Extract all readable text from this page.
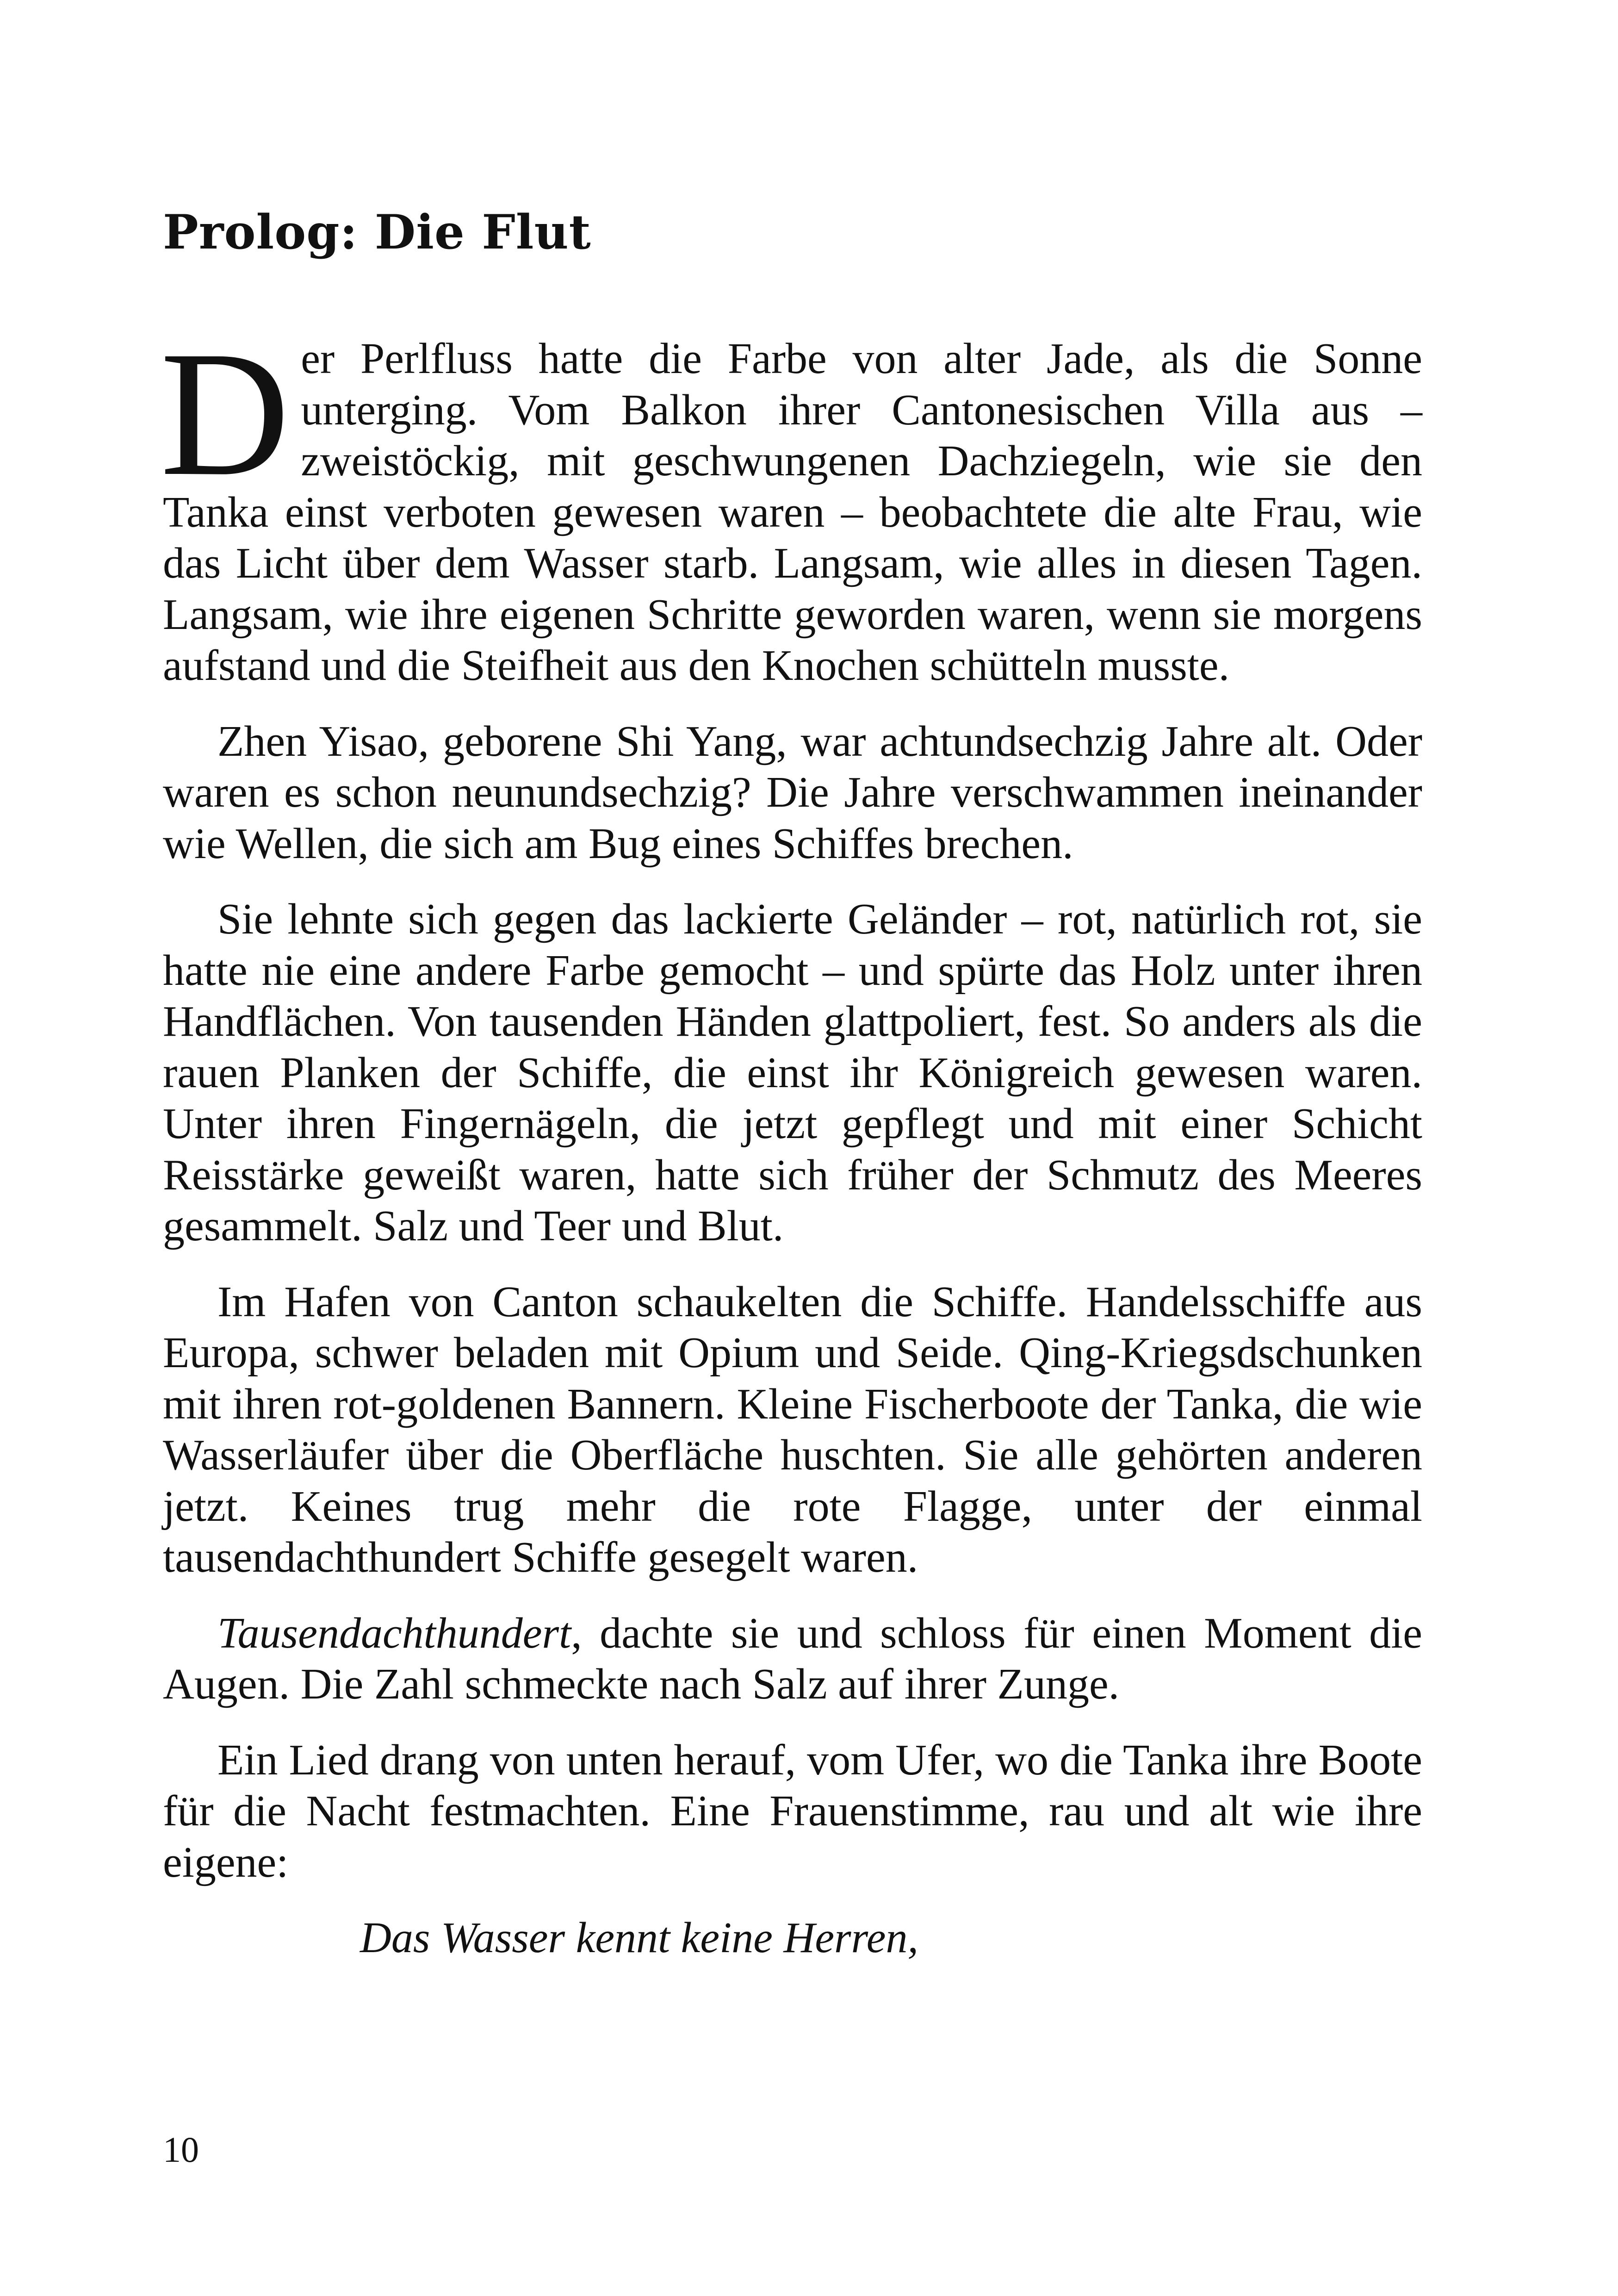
Prolog: Die Flut

Der Perlfluss hatte die Farbe von alter Jade, als die Sonne unterging. Vom Balkon ihrer Cantonesischen Villa aus – zweistöckig, mit geschwungenen Dachziegeln, wie sie den Tanka einst verboten gewesen waren – beobachtete die alte Frau, wie das Licht über dem Wasser starb. Langsam, wie alles in diesen Tagen. Langsam, wie ihre eigenen Schritte geworden waren, wenn sie morgens aufstand und die Steifheit aus den Knochen schütteln musste.

Zhen Yisao, geborene Shi Yang, war achtundsechzig Jahre alt. Oder waren es schon neunundsechzig? Die Jahre verschwammen ineinander wie Wellen, die sich am Bug eines Schiffes brechen.

Sie lehnte sich gegen das lackierte Geländer – rot, natürlich rot, sie hatte nie eine andere Farbe gemocht – und spürte das Holz unter ihren Handflächen. Von tausenden Händen glattpoliert, fest. So anders als die rauen Planken der Schiffe, die einst ihr Königreich gewesen waren. Unter ihren Fingernägeln, die jetzt gepflegt und mit einer Schicht Reisstärke geweißt waren, hatte sich früher der Schmutz des Meeres gesammelt. Salz und Teer und Blut.

Im Hafen von Canton schaukelten die Schiffe. Handelsschiffe aus Europa, schwer beladen mit Opium und Seide. Qing-Kriegsdschunken mit ihren rot-goldenen Bannern. Kleine Fischerboote der Tanka, die wie Wasserläufer über die Oberfläche huschten. Sie alle gehörten anderen jetzt. Keines trug mehr die rote Flagge, unter der einmal tausendachthundert Schiffe gesegelt waren.

Tausendachthundert, dachte sie und schloss für einen Moment die Augen. Die Zahl schmeckte nach Salz auf ihrer Zunge.

Ein Lied drang von unten herauf, vom Ufer, wo die Tanka ihre Boote für die Nacht festmachten. Eine Frauenstimme, rau und alt wie ihre eigene:

Das Wasser kennt keine Herren,

10
